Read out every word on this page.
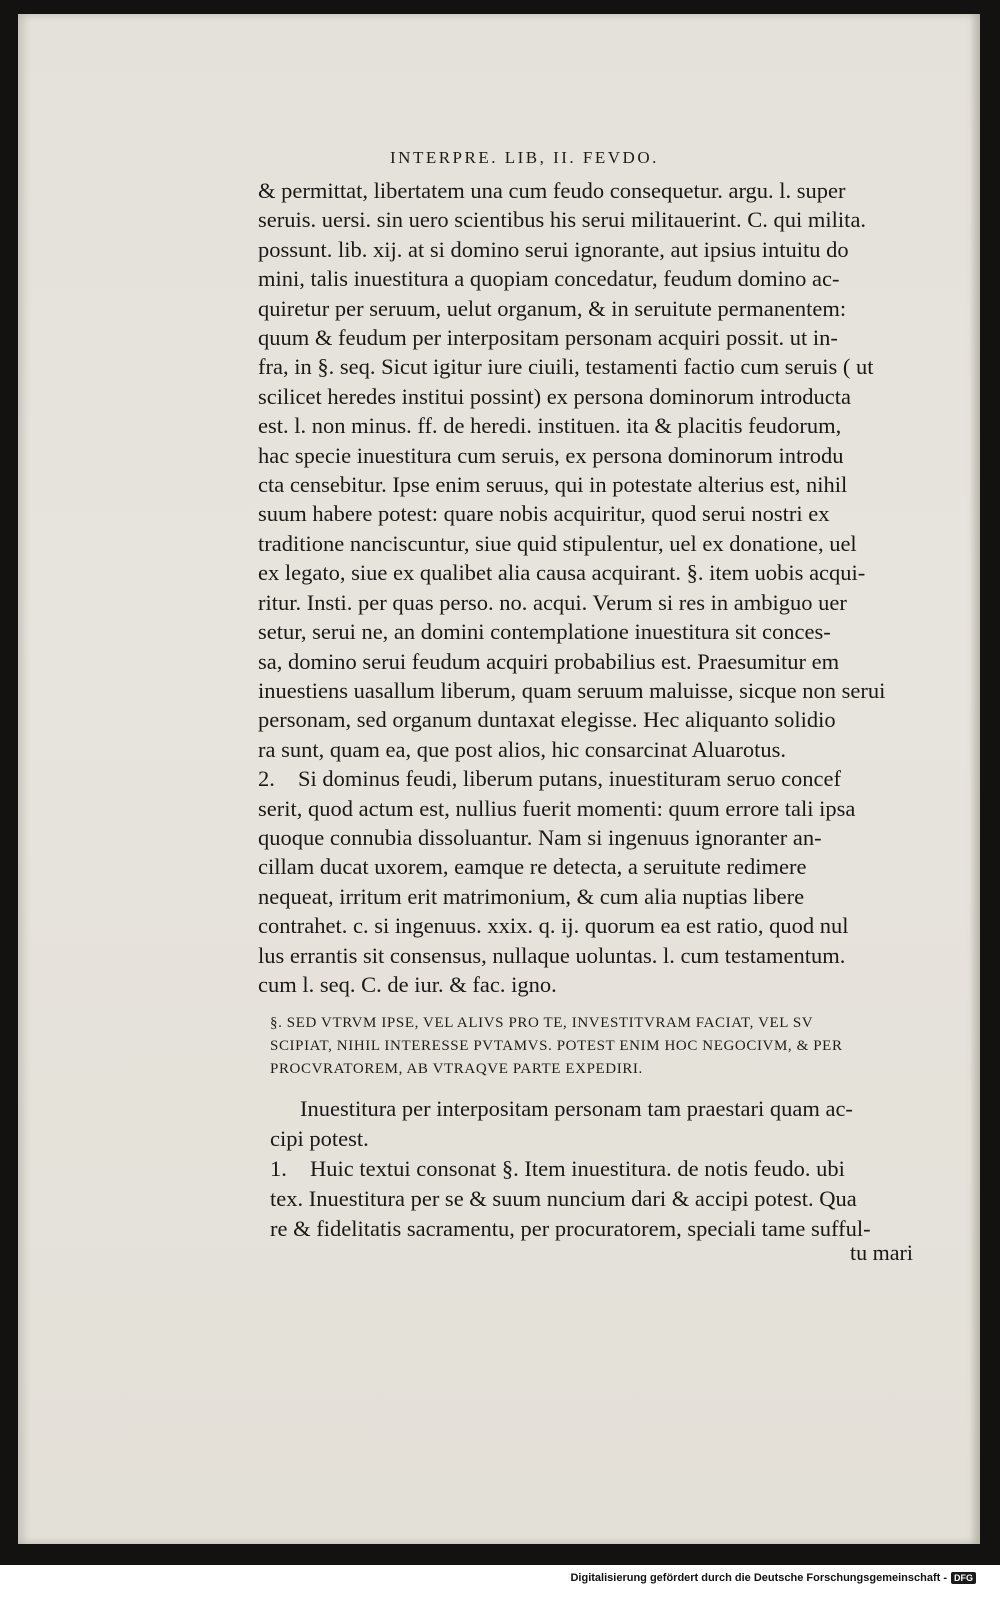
INTERPRE. LIB, II. FEVDO.
& permittat, libertatem una cum feudo consequetur. argu. l. super
seruis. uersi. sin uero scientibus his serui militauerint. C. qui milita.
possunt. lib. xij. at si domino serui ignorante, aut ipsius intuitu do
mini, talis inuestitura a quopiam concedatur, feudum domino ac-
quiretur per seruum, uelut organum, & in seruitute permanentem:
quum & feudum per interpositam personam acquiri possit. ut in-
fra, in §. seq. Sicut igitur iure ciuili, testamenti factio cum seruis ( ut
scilicet heredes institui possint) ex persona dominorum introducta
est. l. non minus. ff. de heredi. instituen. ita & placitis feudorum,
hac specie inuestitura cum seruis, ex persona dominorum introdu
cta censebitur. Ipse enim seruus, qui in potestate alterius est, nihil
suum habere potest: quare nobis acquiritur, quod serui nostri ex
traditione nanciscuntur, siue quid stipulentur, uel ex donatione, uel
ex legato, siue ex qualibet alia causa acquirant. §. item uobis acqui-
ritur. Insti. per quas perso. no. acqui. Verum si res in ambiguo uer
setur, serui ne, an domini contemplatione inuestitura sit conces-
sa, domino serui feudum acquiri probabilius est. Praesumitur em
inuestiens uasallum liberum, quam seruum maluisse, sicque non serui
personam, sed organum duntaxat elegisse. Hec aliquanto solidio
ra sunt, quam ea, que post alios, hic consarcinat Aluarotus.
2. Si dominus feudi, liberum putans, inuestituram seruo concef
serit, quod actum est, nullius fuerit momenti: quum errore tali ipsa
quoque connubia dissoluantur. Nam si ingenuus ignoranter an-
cillam ducat uxorem, eamque re detecta, a seruitute redimere
nequeat, irritum erit matrimonium, & cum alia nuptias libere
contrahet. c. si ingenuus. xxix. q. ij. quorum ea est ratio, quod nul
lus errantis sit consensus, nullaque uoluntas. l. cum testamentum.
cum l. seq. C. de iur. & fac. igno.
§. SED VTRVM IPSE, VEL ALIVS PRO TE, INVESTITVRAM FACIAT, VEL SV
SCIPIAT, NIHIL INTERESSE PVTAMVS. POTEST ENIM HOC NEGOCIVM, & PER
PROCVRATOREM, AB VTRAQVE PARTE EXPEDIRI.
Inuestitura per interpositam personam tam praestari quam ac-
cipi potest.
1. Huic textui consonat §. Item inuestitura. de notis feudo. ubi
tex. Inuestitura per se & suum nuncium dari & accipi potest. Qua
re & fidelitatis sacramentu, per procuratorem, speciali tame sufful-
tu mari
Digitalisierung gefördert durch die Deutsche Forschungsgemeinschaft - DFG
